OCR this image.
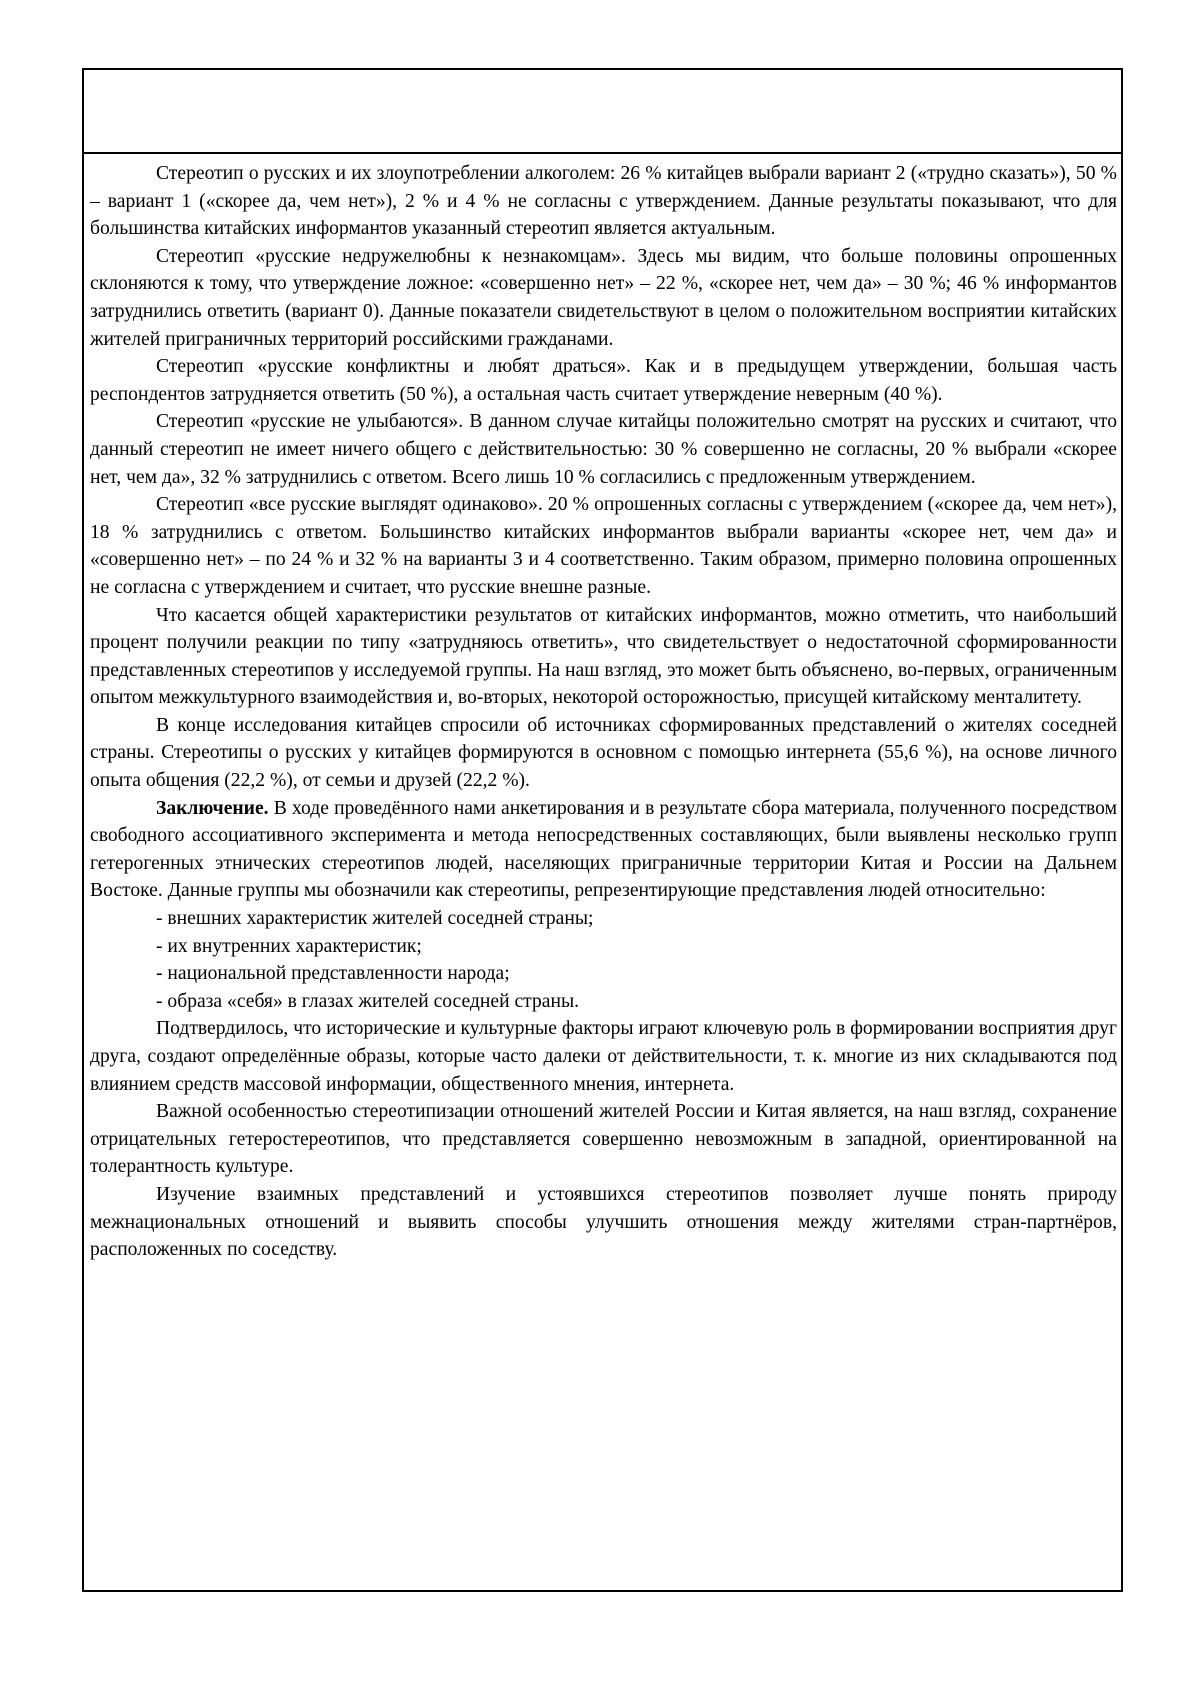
Стереотип о русских и их злоупотреблении алкоголем: 26 % китайцев выбрали вариант 2 («трудно сказать»), 50 % – вариант 1 («скорее да, чем нет»), 2 % и 4 % не согласны с утверждением. Данные результаты показывают, что для большинства китайских информантов указанный стереотип является актуальным.

Стереотип «русские недружелюбны к незнакомцам». Здесь мы видим, что больше половины опрошенных склоняются к тому, что утверждение ложное: «совершенно нет» – 22 %, «скорее нет, чем да» – 30 %; 46 % информантов затруднились ответить (вариант 0). Данные показатели свидетельствуют в целом о положительном восприятии китайских жителей приграничных территорий российскими гражданами.

Стереотип «русские конфликтны и любят драться». Как и в предыдущем утверждении, большая часть респондентов затрудняется ответить (50 %), а остальная часть считает утверждение неверным (40 %).

Стереотип «русские не улыбаются». В данном случае китайцы положительно смотрят на русских и считают, что данный стереотип не имеет ничего общего с действительностью: 30 % совершенно не согласны, 20 % выбрали «скорее нет, чем да», 32 % затруднились с ответом. Всего лишь 10 % согласились с предложенным утверждением.

Стереотип «все русские выглядят одинаково». 20 % опрошенных согласны с утверждением («скорее да, чем нет»), 18 % затруднились с ответом. Большинство китайских информантов выбрали варианты «скорее нет, чем да» и «совершенно нет» – по 24 % и 32 % на варианты 3 и 4 соответственно. Таким образом, примерно половина опрошенных не согласна с утверждением и считает, что русские внешне разные.

Что касается общей характеристики результатов от китайских информантов, можно отметить, что наибольший процент получили реакции по типу «затрудняюсь ответить», что свидетельствует о недостаточной сформированности представленных стереотипов у исследуемой группы. На наш взгляд, это может быть объяснено, во-первых, ограниченным опытом межкультурного взаимодействия и, во-вторых, некоторой осторожностью, присущей китайскому менталитету.

В конце исследования китайцев спросили об источниках сформированных представлений о жителях соседней страны. Стереотипы о русских у китайцев формируются в основном с помощью интернета (55,6 %), на основе личного опыта общения (22,2 %), от семьи и друзей (22,2 %).

Заключение. В ходе проведённого нами анкетирования и в результате сбора материала, полученного посредством свободного ассоциативного эксперимента и метода непосредственных составляющих, были выявлены несколько групп гетерогенных этнических стереотипов людей, населяющих приграничные территории Китая и России на Дальнем Востоке. Данные группы мы обозначили как стереотипы, репрезентирующие представления людей относительно:

- внешних характеристик жителей соседней страны;

- их внутренних характеристик;

- национальной представленности народа;

- образа «себя» в глазах жителей соседней страны.

Подтвердилось, что исторические и культурные факторы играют ключевую роль в формировании восприятия друг друга, создают определённые образы, которые часто далеки от действительности, т. к. многие из них складываются под влиянием средств массовой информации, общественного мнения, интернета.

Важной особенностью стереотипизации отношений жителей России и Китая является, на наш взгляд, сохранение отрицательных гетеростереотипов, что представляется совершенно невозможным в западной, ориентированной на толерантность культуре.

Изучение взаимных представлений и устоявшихся стереотипов позволяет лучше понять природу межнациональных отношений и выявить способы улучшить отношения между жителями стран-партнёров, расположенных по соседству.
